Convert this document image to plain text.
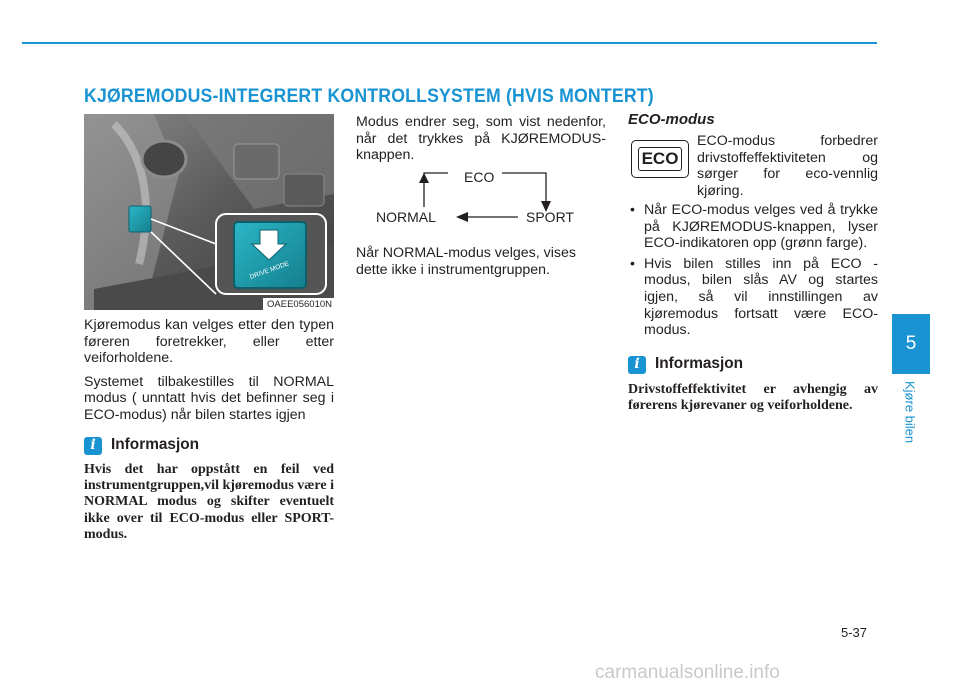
KJØREMODUS-INTEGRERT KONTROLLSYSTEM (HVIS MONTERT)
DRIVE MODE
OAEE056010N

Kjøremodus kan velges etter den typen føreren foretrekker, eller etter veiforholdene.

Systemet tilbakestilles til NORMAL modus ( unntatt hvis det befinner seg i ECO-modus) når bilen startes igjen

i Informasjon
Hvis det har oppstått en feil ved instrumentgruppen,vil kjøremodus være i NORMAL modus og skifter eventuelt ikke over til ECO-modus eller SPORT-modus.

Modus endrer seg, som vist nedenfor, når det trykkes på KJØREMODUS-knappen.

ECO
NORMAL	SPORT

Når NORMAL-modus velges, vises dette ikke i instrumentgruppen.

ECO-modus
ECO

ECO-modus forbedrer drivstoffeffektiviteten og sørger for eco-vennlig kjøring.

• Når ECO-modus velges ved å trykke på KJØREMODUS-knappen, lyser ECO-indikatoren opp (grønn farge).
• Hvis bilen stilles inn på ECO - modus, bilen slås AV og startes igjen, så vil innstillingen av kjøremodus fortsatt være ECO-modus.
i Informasjon
Drivstoffeffektivitet er avhengig av førerens kjørevaner og veiforholdene.
5
Kjøre bilen
5-37
carmanualsonline.info
